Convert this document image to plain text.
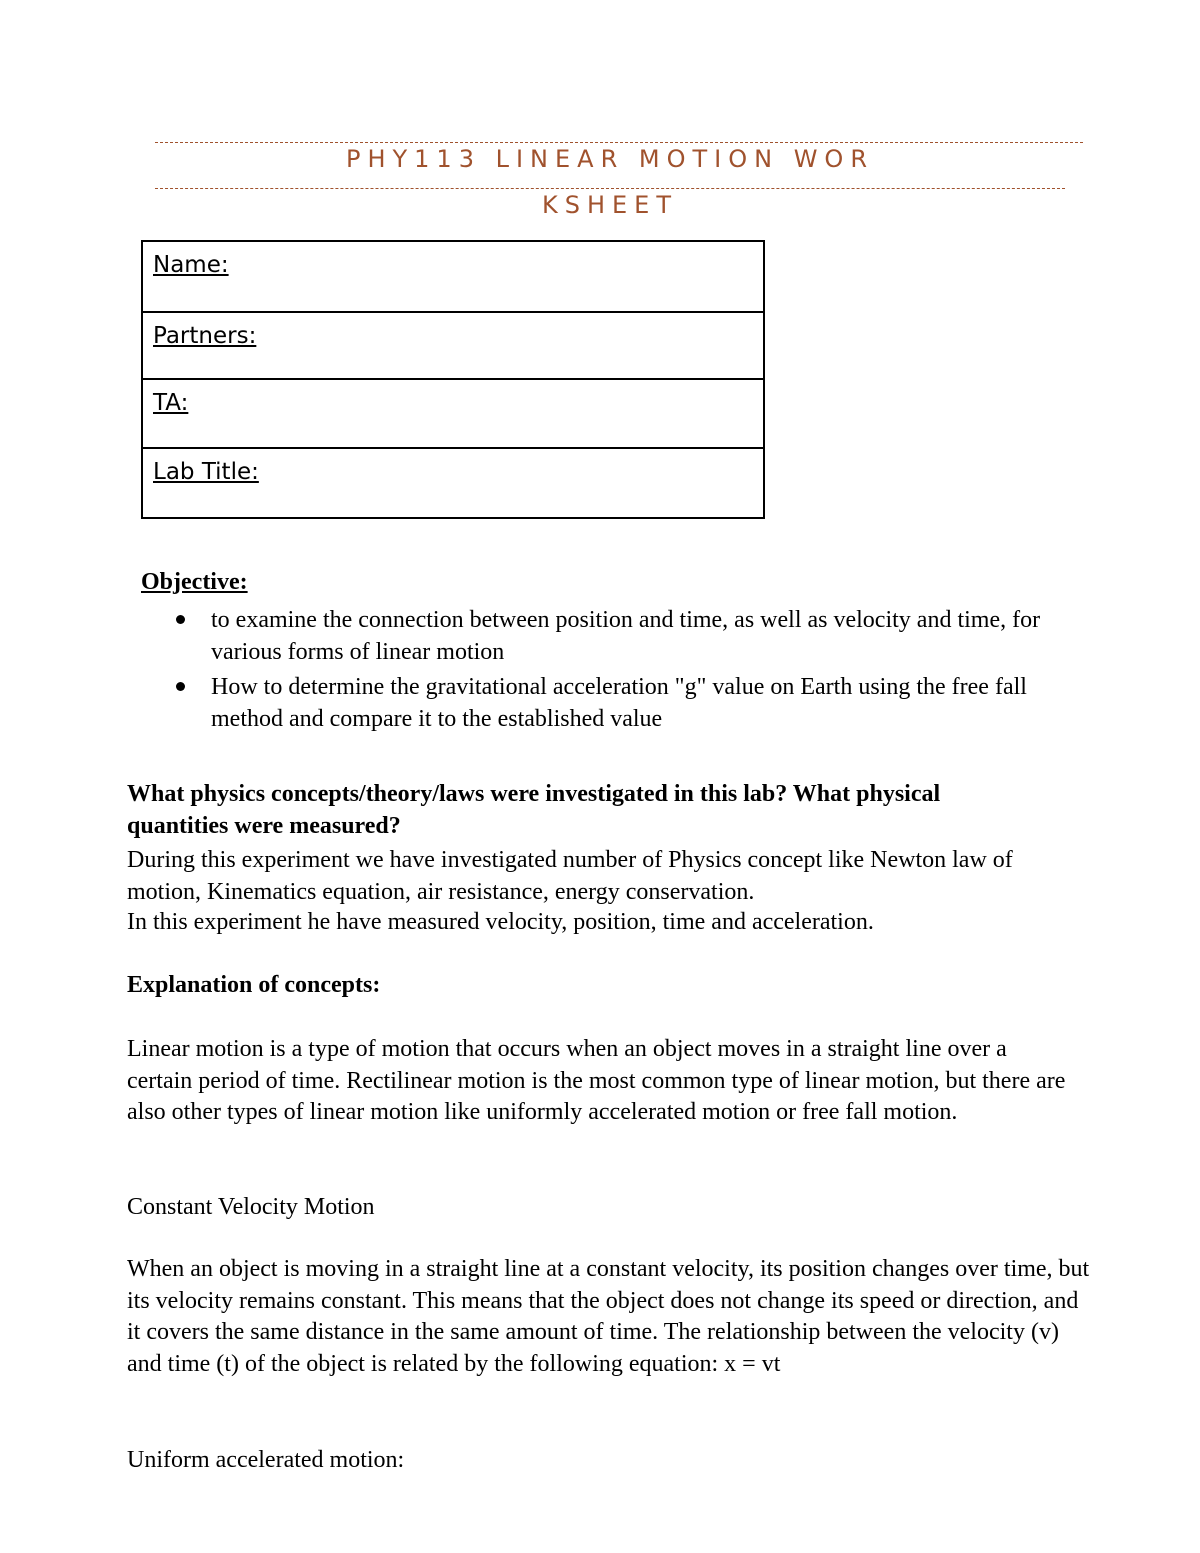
PHY113 LINEAR MOTION WOR
KSHEET
Name:
Partners:
TA:
Lab Title:
Objective:
to examine the connection between position and time, as well as velocity and time, for various forms of linear motion
How to determine the gravitational acceleration "g" value on Earth using the free fall method and compare it to the established value
What physics concepts/theory/laws were investigated in this lab? What physical quantities were measured?
During this experiment we have investigated number of Physics concept like Newton law of motion, Kinematics equation, air resistance, energy conservation.
In this experiment he have measured velocity, position, time and acceleration.
Explanation of concepts:
Linear motion is a type of motion that occurs when an object moves in a straight line over a certain period of time. Rectilinear motion is the most common type of linear motion, but there are also other types of linear motion like uniformly accelerated motion or free fall motion.
Constant Velocity Motion
When an object is moving in a straight line at a constant velocity, its position changes over time, but its velocity remains constant. This means that the object does not change its speed or direction, and it covers the same distance in the same amount of time. The relationship between the velocity (v) and time (t) of the object is related by the following equation: x = vt
Uniform accelerated motion:
